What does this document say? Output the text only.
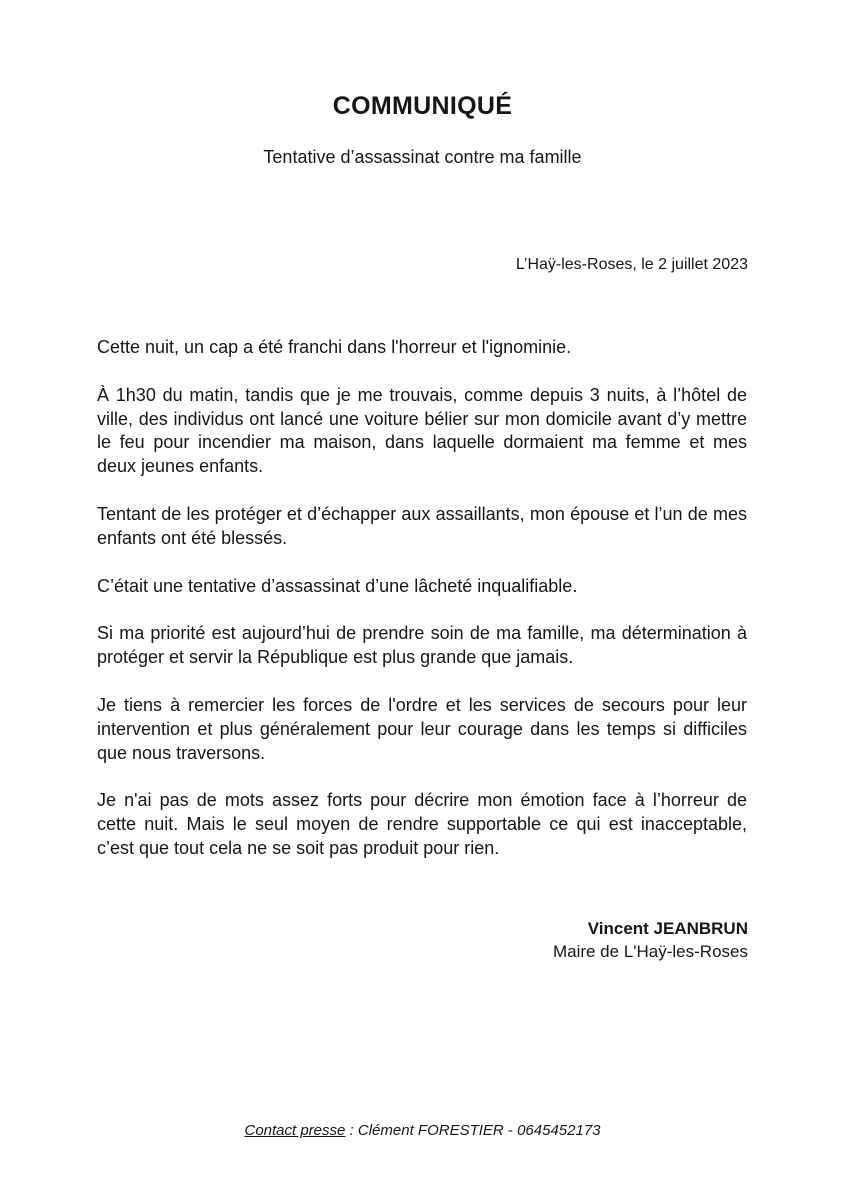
COMMUNIQUÉ
Tentative d’assassinat contre ma famille
L’Haÿ-les-Roses, le 2 juillet 2023

Cette nuit, un cap a été franchi dans l'horreur et l'ignominie.

À 1h30 du matin, tandis que je me trouvais, comme depuis 3 nuits, à l’hôtel de ville, des individus ont lancé une voiture bélier sur mon domicile avant d’y mettre le feu pour incendier ma maison, dans laquelle dormaient ma femme et mes deux jeunes enfants.

Tentant de les protéger et d’échapper aux assaillants, mon épouse et l’un de mes enfants ont été blessés.

C’était une tentative d’assassinat d’une lâcheté inqualifiable.

Si ma priorité est aujourd’hui de prendre soin de ma famille, ma détermination à protéger et servir la République est plus grande que jamais.

Je tiens à remercier les forces de l'ordre et les services de secours pour leur intervention et plus généralement pour leur courage dans les temps si difficiles que nous traversons.

Je n'ai pas de mots assez forts pour décrire mon émotion face à l’horreur de cette nuit. Mais le seul moyen de rendre supportable ce qui est inacceptable, c’est que tout cela ne se soit pas produit pour rien.

Vincent JEANBRUN
Maire de L'Haÿ-les-Roses
Contact presse : Clément FORESTIER - 0645452173
